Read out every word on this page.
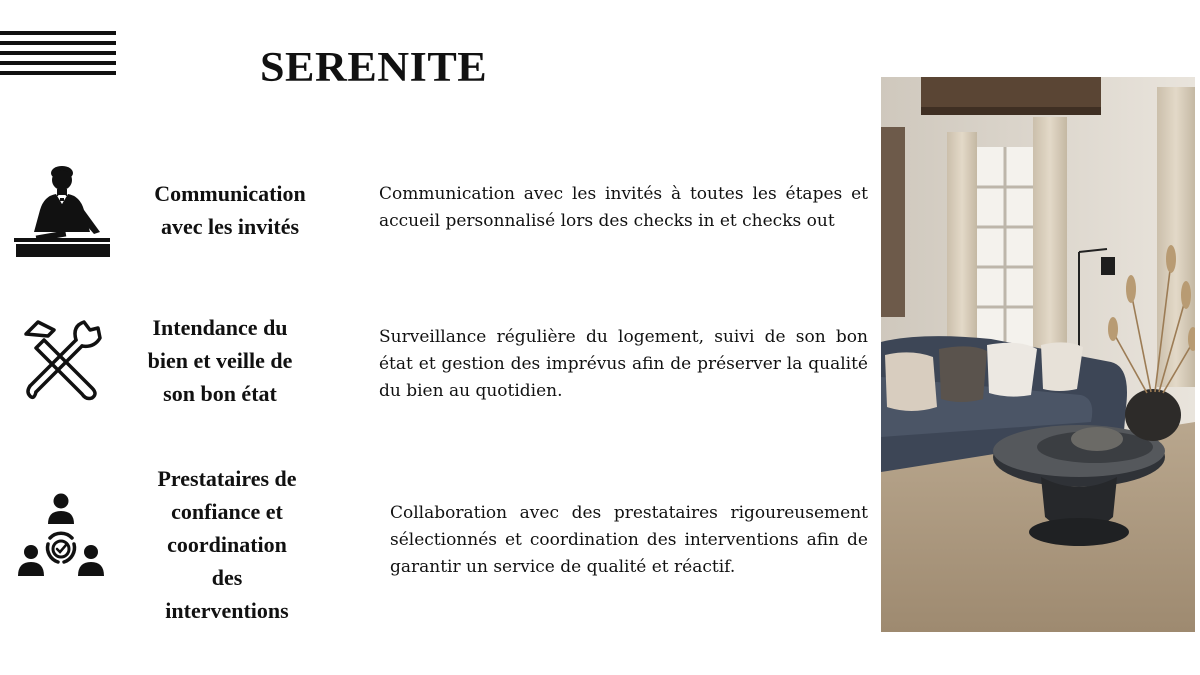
SERENITE
Communication
avec les invités
Communication avec les invités à toutes les étapes et accueil personnalisé lors des checks in et checks out
Intendance du
bien et veille de
son bon état
Surveillance régulière du logement, suivi de son bon état et gestion des imprévus afin de préserver la qualité du bien au quotidien.
Prestataires de
confiance et
coordination
des
interventions
Collaboration avec des prestataires rigoureusement sélectionnés et coordination des interventions afin de garantir un service de qualité et réactif.
